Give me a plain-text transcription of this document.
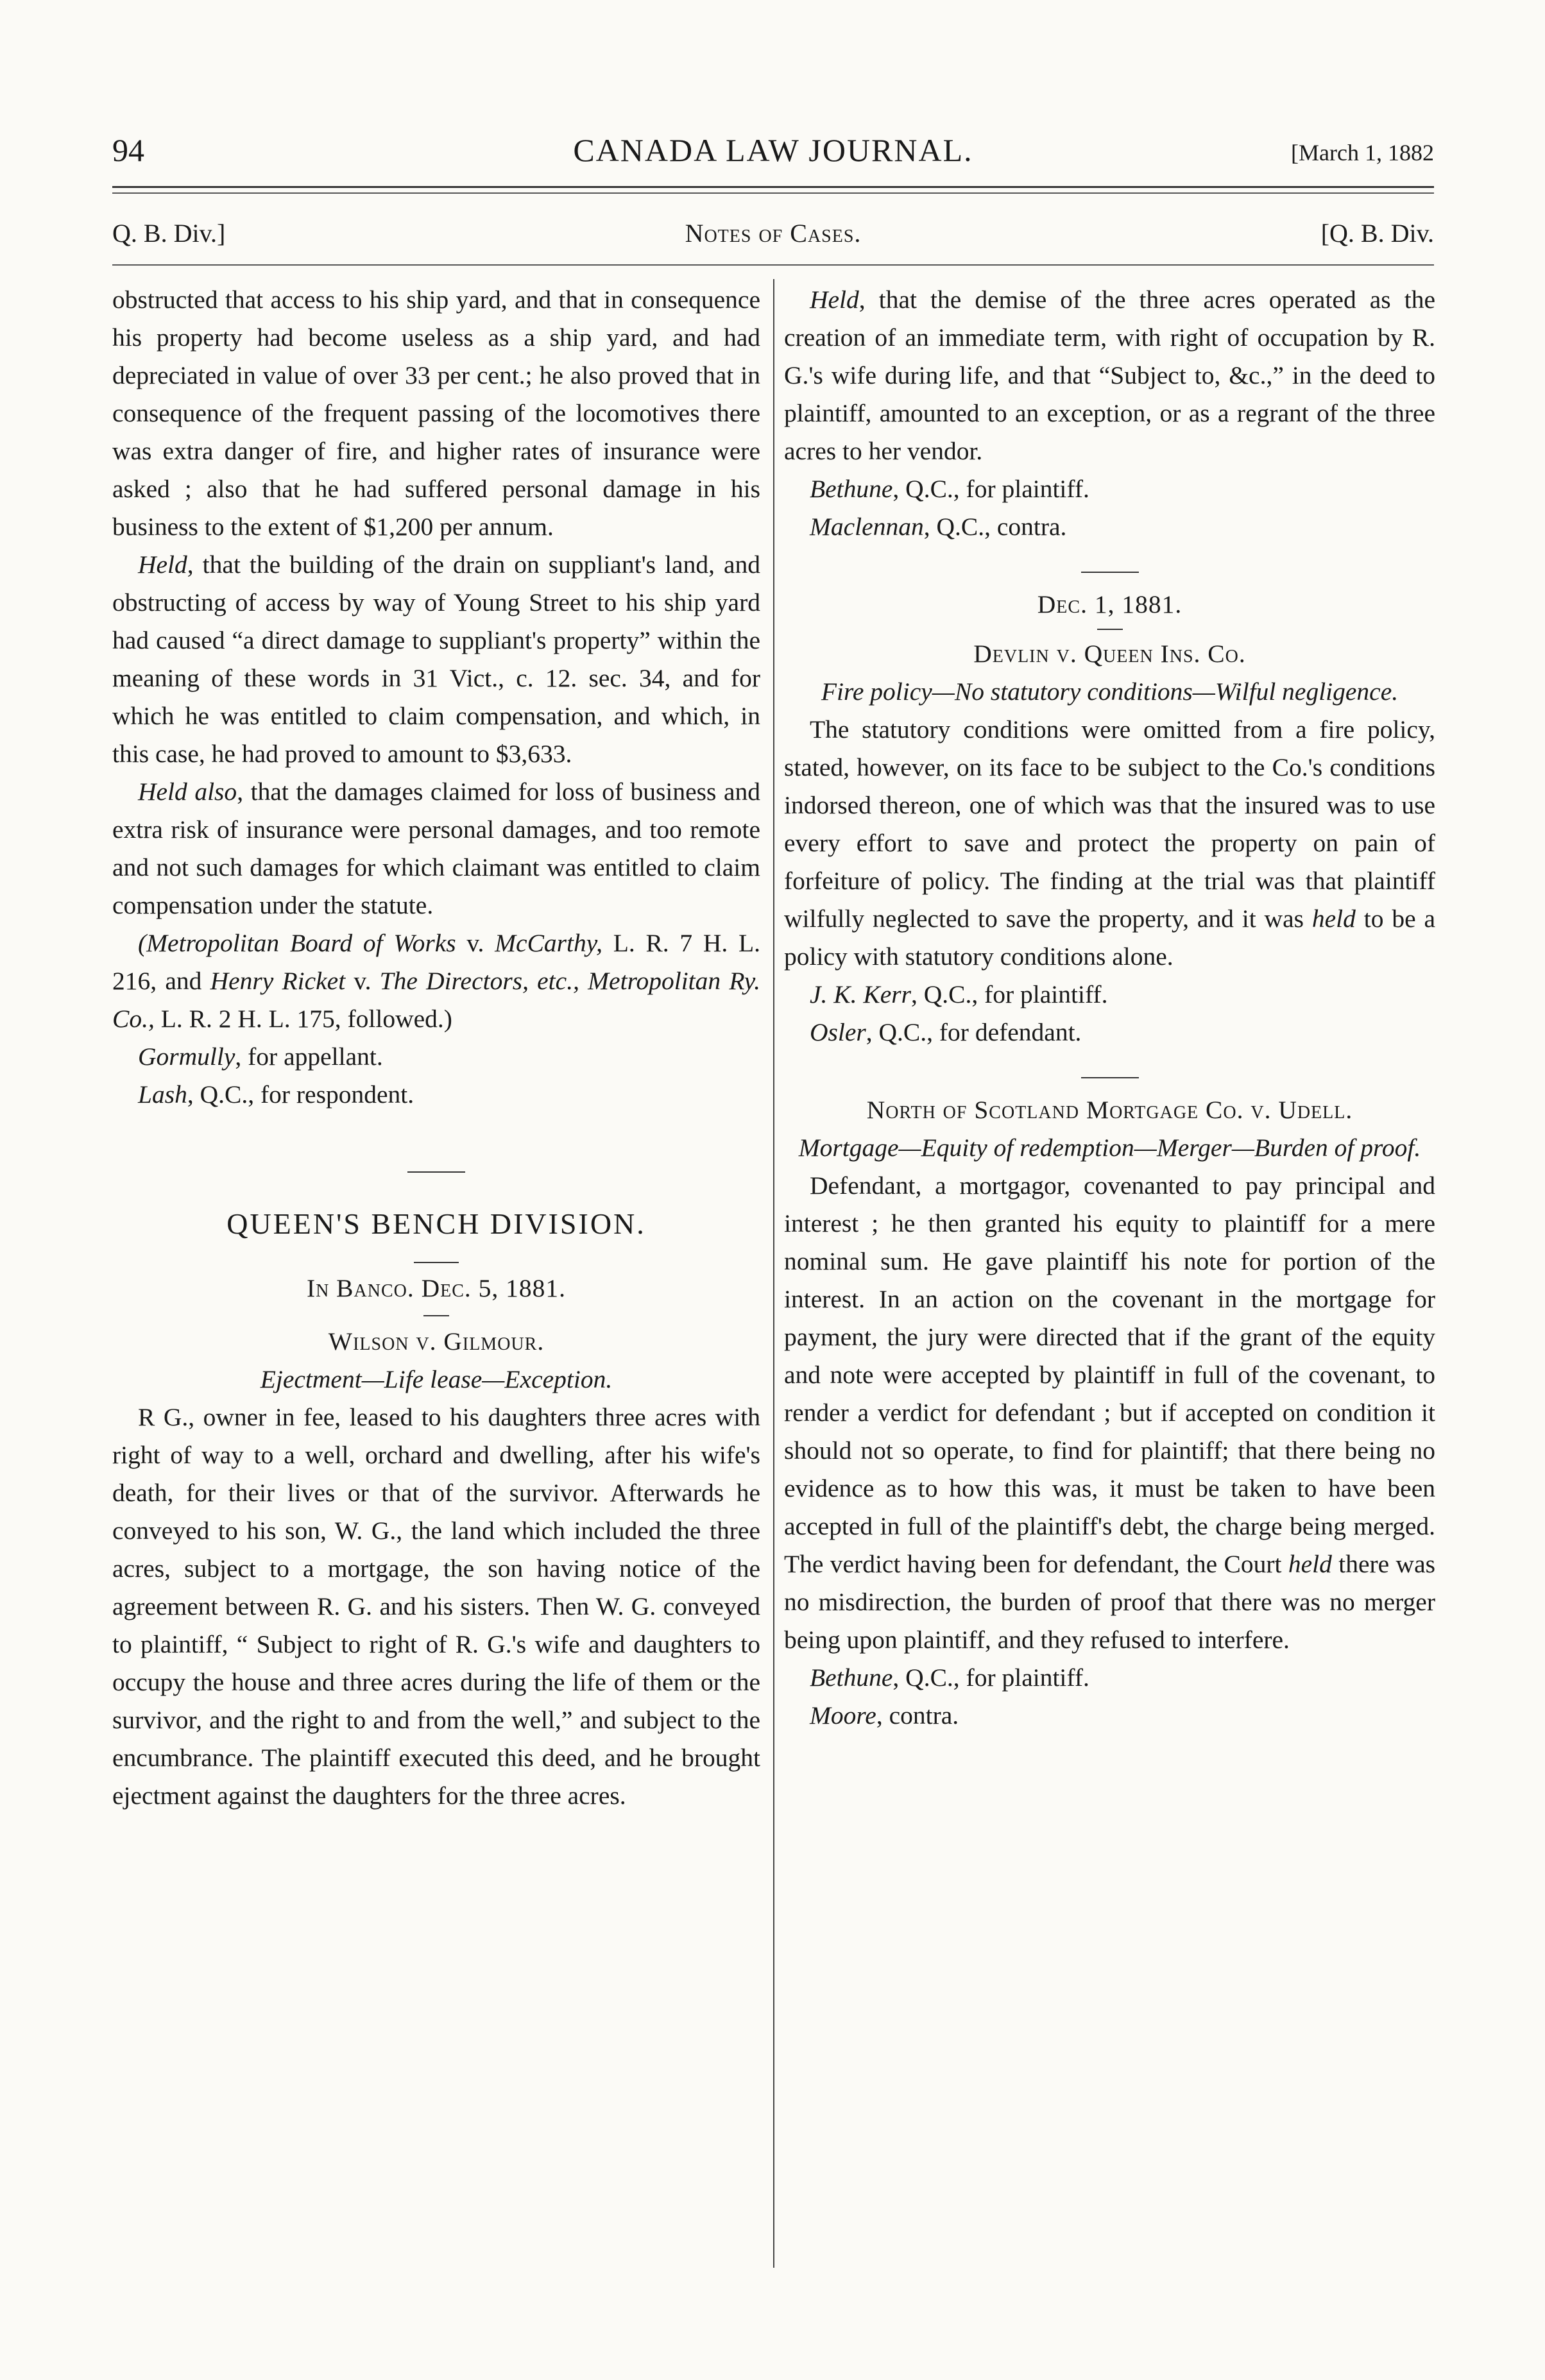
94	CANADA LAW JOURNAL.	[March 1, 1882
Q. B. Div.]	Notes of Cases.	[Q. B. Div.

obstructed that access to his ship yard, and that in consequence his property had become useless as a ship yard, and had depreciated in value of over 33 per cent.; he also proved that in consequence of the frequent passing of the locomotives there was extra danger of fire, and higher rates of insurance were asked ; also that he had suffered personal damage in his business to the extent of $1,200 per annum.

Held, that the building of the drain on suppliant's land, and obstructing of access by way of Young Street to his ship yard had caused “a direct damage to suppliant's property” within the meaning of these words in 31 Vict., c. 12. sec. 34, and for which he was entitled to claim compensation, and which, in this case, he had proved to amount to $3,633.

Held also, that the damages claimed for loss of business and extra risk of insurance were personal damages, and too remote and not such damages for which claimant was entitled to claim compensation under the statute.

(Metropolitan Board of Works v. McCarthy, L. R. 7 H. L. 216, and Henry Ricket v. The Directors, etc., Metropolitan Ry. Co., L. R. 2 H. L. 175, followed.)

Gormully, for appellant.

Lash, Q.C., for respondent.

QUEEN'S BENCH DIVISION.

In Banco. Dec. 5, 1881.

Wilson v. Gilmour.

Ejectment—Life lease—Exception.

R G., owner in fee, leased to his daughters three acres with right of way to a well, orchard and dwelling, after his wife's death, for their lives or that of the survivor. Afterwards he conveyed to his son, W. G., the land which included the three acres, subject to a mortgage, the son having notice of the agreement between R. G. and his sisters. Then W. G. conveyed to plaintiff, “ Subject to right of R. G.'s wife and daughters to occupy the house and three acres during the life of them or the survivor, and the right to and from the well,” and subject to the encumbrance. The plaintiff executed this deed, and he brought ejectment against the daughters for the three acres.

Held, that the demise of the three acres operated as the creation of an immediate term, with right of occupation by R. G.'s wife during life, and that “Subject to, &c.,” in the deed to plaintiff, amounted to an exception, or as a regrant of the three acres to her vendor.

Bethune, Q.C., for plaintiff.

Maclennan, Q.C., contra.

Dec. 1, 1881.

Devlin v. Queen Ins. Co.

Fire policy—No statutory conditions—Wilful negligence.

The statutory conditions were omitted from a fire policy, stated, however, on its face to be subject to the Co.'s conditions indorsed thereon, one of which was that the insured was to use every effort to save and protect the property on pain of forfeiture of policy. The finding at the trial was that plaintiff wilfully neglected to save the property, and it was held to be a policy with statutory conditions alone.

J. K. Kerr, Q.C., for plaintiff.

Osler, Q.C., for defendant.

North of Scotland Mortgage Co. v. Udell.

Mortgage—Equity of redemption—Merger—Burden of proof.

Defendant, a mortgagor, covenanted to pay principal and interest ; he then granted his equity to plaintiff for a mere nominal sum. He gave plaintiff his note for portion of the interest. In an action on the covenant in the mortgage for payment, the jury were directed that if the grant of the equity and note were accepted by plaintiff in full of the covenant, to render a verdict for defendant ; but if accepted on condition it should not so operate, to find for plaintiff; that there being no evidence as to how this was, it must be taken to have been accepted in full of the plaintiff's debt, the charge being merged. The verdict having been for defendant, the Court held there was no misdirection, the burden of proof that there was no merger being upon plaintiff, and they refused to interfere.

Bethune, Q.C., for plaintiff.

Moore, contra.
